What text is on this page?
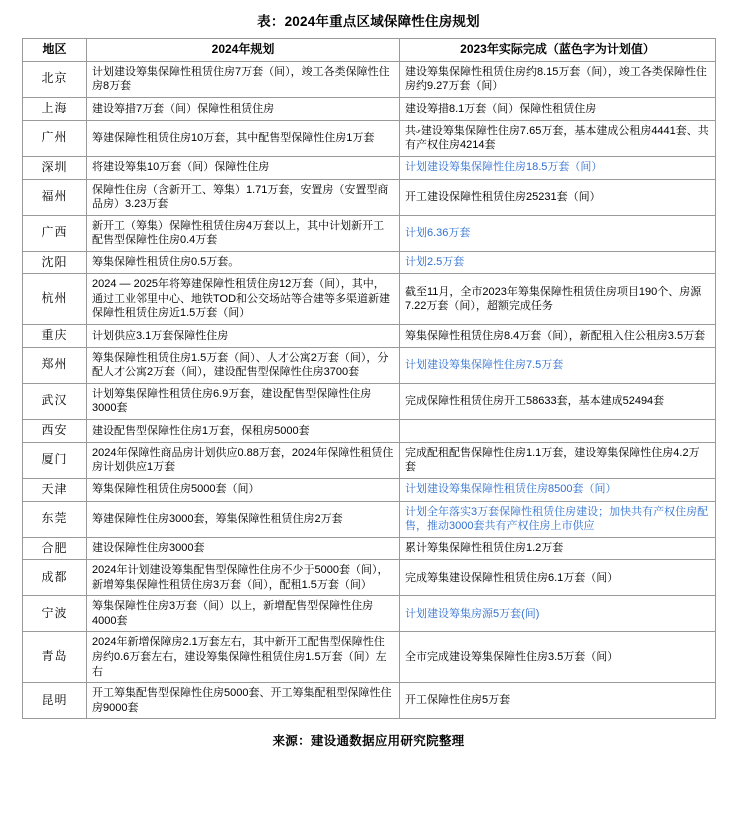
表：2024年重点区域保障性住房规划
地区	2024年规划	2023年实际完成（蓝色字为计划值）
北京	计划建设筹集保障性租赁住房7万套（间），竣工各类保障性住房8万套	建设筹集保障性租赁住房约8.15万套（间），竣工各类保障性住房约9.27万套（间）
上海	建设筹措7万套（间）保障性租赁住房	建设筹措8.1万套（间）保障性租赁住房
广州	筹建保障性租赁住房10万套，其中配售型保障性住房1万套	共ގ建设筹集保障性住房7.65万套，基本建成公租房4441套、共有产权住房4214套
深圳	将建设筹集10万套（间）保障性住房	计划建设筹集保障性住房18.5万套（间）
福州	保障性住房（含新开工、筹集）1.71万套，安置房（安置型商品房）3.23万套	开工建设保障性租赁住房25231套（间）
广西	新开工（筹集）保障性租赁住房4万套以上，其中计划新开工配售型保障性住房0.4万套	计划6.36万套
沈阳	筹集保障性租赁住房0.5万套。	计划2.5万套
杭州	2024 — 2025年将筹建保障性租赁住房12万套（间），其中，通过工业邻里中心、地铁TOD和公交场站等合建等多渠道新建保障性租赁住房近1.5万套（间）	截至11月，全市2023年筹集保障性租赁住房项目190个、房源7.22万套（间），超额完成任务
重庆	计划供应3.1万套保障性住房	筹集保障性租赁住房8.4万套（间），新配租入住公租房3.5万套
郑州	筹集保障性租赁住房1.5万套（间）、人才公寓2万套（间），分配人才公寓2万套（间），建设配售型保障性住房3700套	计划建设筹集保障性住房7.5万套
武汉	计划筹集保障性租赁住房6.9万套，建设配售型保障性住房3000套	完成保障性租赁住房开工58633套，基本建成52494套
西安	建设配售型保障性住房1万套，保租房5000套	
厦门	2024年保障性商品房计划供应0.88万套，2024年保障性租赁住房计划供应1万套	完成配租配售保障性住房1.1万套，建设筹集保障性住房4.2万套
天津	筹集保障性租赁住房5000套（间）	计划建设筹集保障性租赁住房8500套（间）
东莞	筹建保障性住房3000套，筹集保障性租赁住房2万套	计划全年落实3万套保障性租赁住房建设；加快共有产权住房配售，推动3000套共有产权住房上市供应
合肥	建设保障性住房3000套	累计筹集保障性租赁住房1.2万套
成都	2024年计划建设筹集配售型保障性住房不少于5000套（间），新增筹集保障性租赁住房3万套（间），配租1.5万套（间）	完成筹集建设保障性租赁住房6.1万套（间）
宁波	筹集保障性住房3万套（间）以上，新增配售型保障性住房4000套	计划建设筹集房源5万套(间)
青岛	2024年新增保障房2.1万套左右，其中新开工配售型保障性住房约0.6万套左右，建设筹集保障性租赁住房1.5万套（间）左右	全市完成建设筹集保障性住房3.5万套（间）
昆明	开工筹集配售型保障性住房5000套、开工筹集配租型保障性住房9000套	开工保障性住房5万套
来源：建设通数据应用研究院整理
